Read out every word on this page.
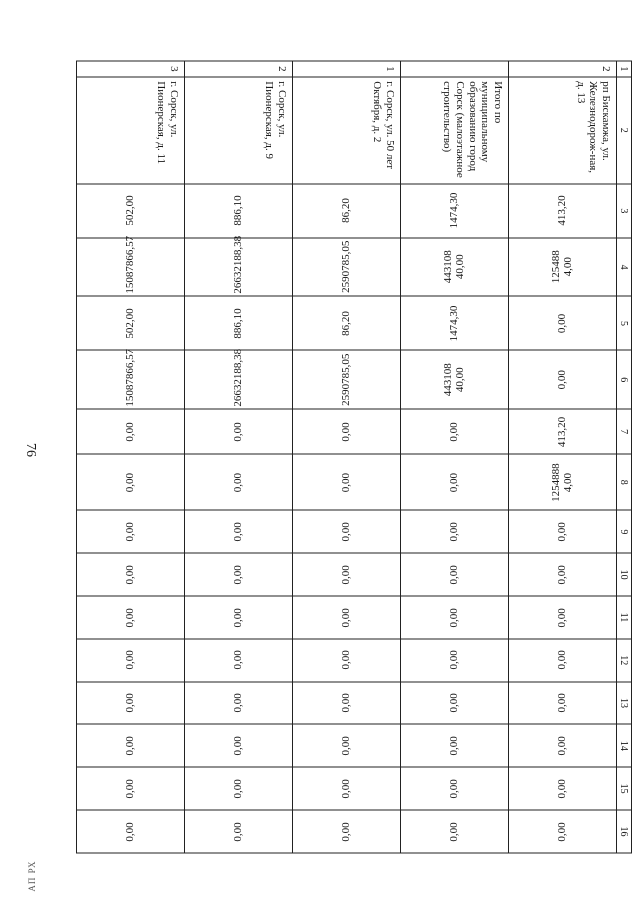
76
АП РХ
1	2	3	4	5	6	7	8	9	10	11	12	13	14	15	16
2	рп Бискамжа, ул. Железнодорож-ная, д. 13	413,20	125488 4,00	0,00	0,00	413,20	1254888 4,00	0,00	0,00	0,00	0,00	0,00	0,00	0,00	0,00
	Итого по муниципальному образованию город Сорск (малоэтажное строительство)	1474,30	443108 40,00	1474,30	443108 40,00	0,00	0,00	0,00	0,00	0,00	0,00	0,00	0,00	0,00	0,00
1	г. Сорск, ул. 50 лет Октября, д. 2	86,20	2590785,05	86,20	2590785,05	0,00	0,00	0,00	0,00	0,00	0,00	0,00	0,00	0,00	0,00
2	г. Сорск, ул. Пионерская, д. 9	886,10	26632188,38	886,10	26632188,38	0,00	0,00	0,00	0,00	0,00	0,00	0,00	0,00	0,00	0,00
3	г. Сорск, ул. Пионерская, д. 11	502,00	15087866,57	502,00	15087866,57	0,00	0,00	0,00	0,00	0,00	0,00	0,00	0,00	0,00	0,00
